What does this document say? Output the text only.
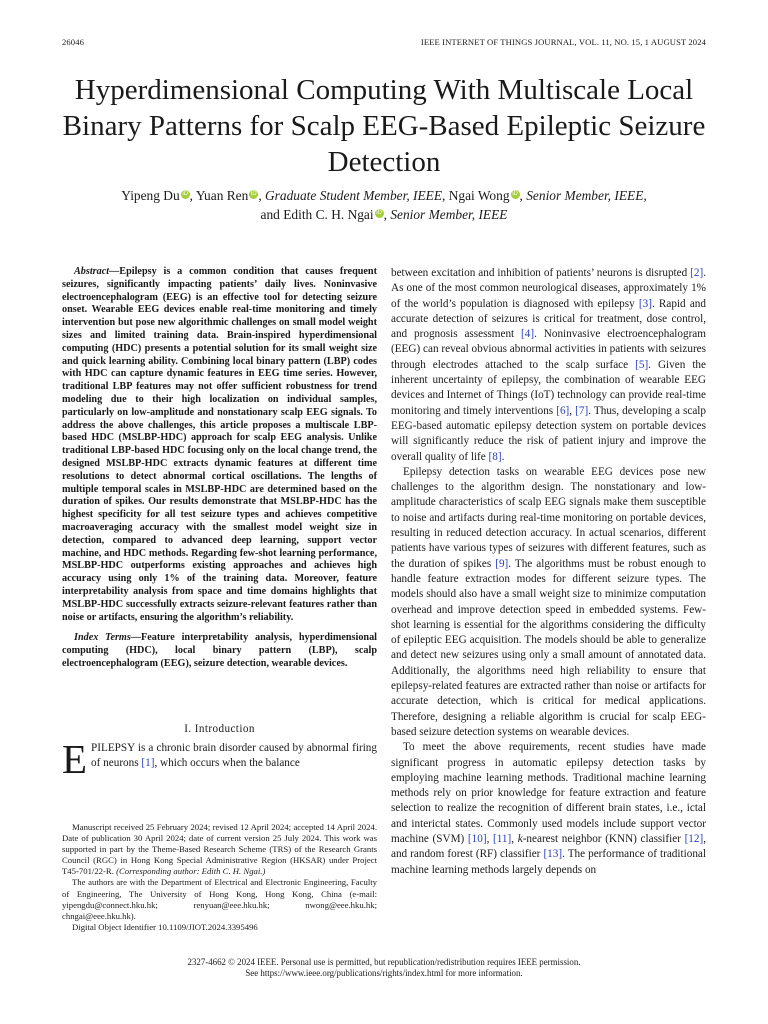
26046	IEEE INTERNET OF THINGS JOURNAL, VOL. 11, NO. 15, 1 AUGUST 2024
Hyperdimensional Computing With Multiscale Local Binary Patterns for Scalp EEG-Based Epileptic Seizure Detection
Yipeng Du iD , Yuan Ren iD , Graduate Student Member, IEEE, Ngai Wong iD , Senior Member, IEEE,
and Edith C. H. Ngai iD , Senior Member, IEEE

Abstract—Epilepsy is a common condition that causes frequent seizures, significantly impacting patients’ daily lives. Noninvasive electroencephalogram (EEG) is an effective tool for detecting seizure onset. Wearable EEG devices enable real-time monitoring and timely intervention but pose new algorithmic challenges on small model weight sizes and limited training data. Brain-inspired hyperdimensional computing (HDC) presents a potential solution for its small weight size and quick learning ability. Combining local binary pattern (LBP) codes with HDC can capture dynamic features in EEG time series. However, traditional LBP features may not offer sufficient robustness for trend modeling due to their high localization on individual samples, particularly on low-amplitude and nonstationary scalp EEG signals. To address the above challenges, this article proposes a multiscale LBP-based HDC (MSLBP-HDC) approach for scalp EEG analysis. Unlike traditional LBP-based HDC focusing only on the local change trend, the designed MSLBP-HDC extracts dynamic features at different time resolutions to detect abnormal cortical oscillations. The lengths of multiple temporal scales in MSLBP-HDC are determined based on the duration of spikes. Our results demonstrate that MSLBP-HDC has the highest specificity for all test seizure types and achieves competitive macroaveraging accuracy with the smallest model weight size in detection, compared to advanced deep learning, support vector machine, and HDC methods. Regarding few-shot learning performance, MSLBP-HDC outperforms existing approaches and achieves high accuracy using only 1% of the training data. Moreover, feature interpretability analysis from space and time domains highlights that MSLBP-HDC successfully extracts seizure-relevant features rather than noise or artifacts, ensuring the algorithm’s reliability.

Index Terms—Feature interpretability analysis, hyperdimensional computing (HDC), local binary pattern (LBP), scalp electroencephalogram (EEG), seizure detection, wearable devices.

I. Introduction

EPILEPSY is a chronic brain disorder caused by abnormal firing of neurons [1], which occurs when the balance

Manuscript received 25 February 2024; revised 12 April 2024; accepted 14 April 2024. Date of publication 30 April 2024; date of current version 25 July 2024. This work was supported in part by the Theme-Based Research Scheme (TRS) of the Research Grants Council (RGC) in Hong Kong Special Administrative Region (HKSAR) under Project T45-701/22-R. (Corresponding author: Edith C. H. Ngai.)

The authors are with the Department of Electrical and Electronic Engineering, Faculty of Engineering, The University of Hong Kong, Hong Kong, China (e-mail: yipengdu@connect.hku.hk; renyuan@eee.hku.hk; nwong@eee.hku.hk; chngai@eee.hku.hk).

Digital Object Identifier 10.1109/JIOT.2024.3395496

between excitation and inhibition of patients’ neurons is disrupted [2]. As one of the most common neurological diseases, approximately 1% of the world’s population is diagnosed with epilepsy [3]. Rapid and accurate detection of seizures is critical for treatment, dose control, and prognosis assessment [4]. Noninvasive electroencephalogram (EEG) can reveal obvious abnormal activities in patients with seizures through electrodes attached to the scalp surface [5]. Given the inherent uncertainty of epilepsy, the combination of wearable EEG devices and Internet of Things (IoT) technology can provide real-time monitoring and timely interventions [6], [7]. Thus, developing a scalp EEG-based automatic epilepsy detection system on portable devices will significantly reduce the risk of patient injury and improve the overall quality of life [8].

Epilepsy detection tasks on wearable EEG devices pose new challenges to the algorithm design. The nonstationary and low-amplitude characteristics of scalp EEG signals make them susceptible to noise and artifacts during real-time monitoring on portable devices, resulting in reduced detection accuracy. In actual scenarios, different patients have various types of seizures with different features, such as the duration of spikes [9]. The algorithms must be robust enough to handle feature extraction modes for different seizure types. The models should also have a small weight size to minimize computation overhead and improve detection speed in embedded systems. Few-shot learning is essential for the algorithms considering the difficulty of epileptic EEG acquisition. The models should be able to generalize and detect new seizures using only a small amount of annotated data. Additionally, the algorithms need high reliability to ensure that epilepsy-related features are extracted rather than noise or artifacts for accurate detection, which is critical for medical applications. Therefore, designing a reliable algorithm is crucial for scalp EEG-based seizure detection systems on wearable devices.

To meet the above requirements, recent studies have made significant progress in automatic epilepsy detection tasks by employing machine learning methods. Traditional machine learning methods rely on prior knowledge for feature extraction and feature selection to realize the recognition of different brain states, i.e., ictal and interictal states. Commonly used models include support vector machine (SVM) [10], [11], k-nearest neighbor (KNN) classifier [12], and random forest (RF) classifier [13]. The performance of traditional machine learning methods largely depends on

2327-4662 © 2024 IEEE. Personal use is permitted, but republication/redistribution requires IEEE permission.
See https://www.ieee.org/publications/rights/index.html for more information.
